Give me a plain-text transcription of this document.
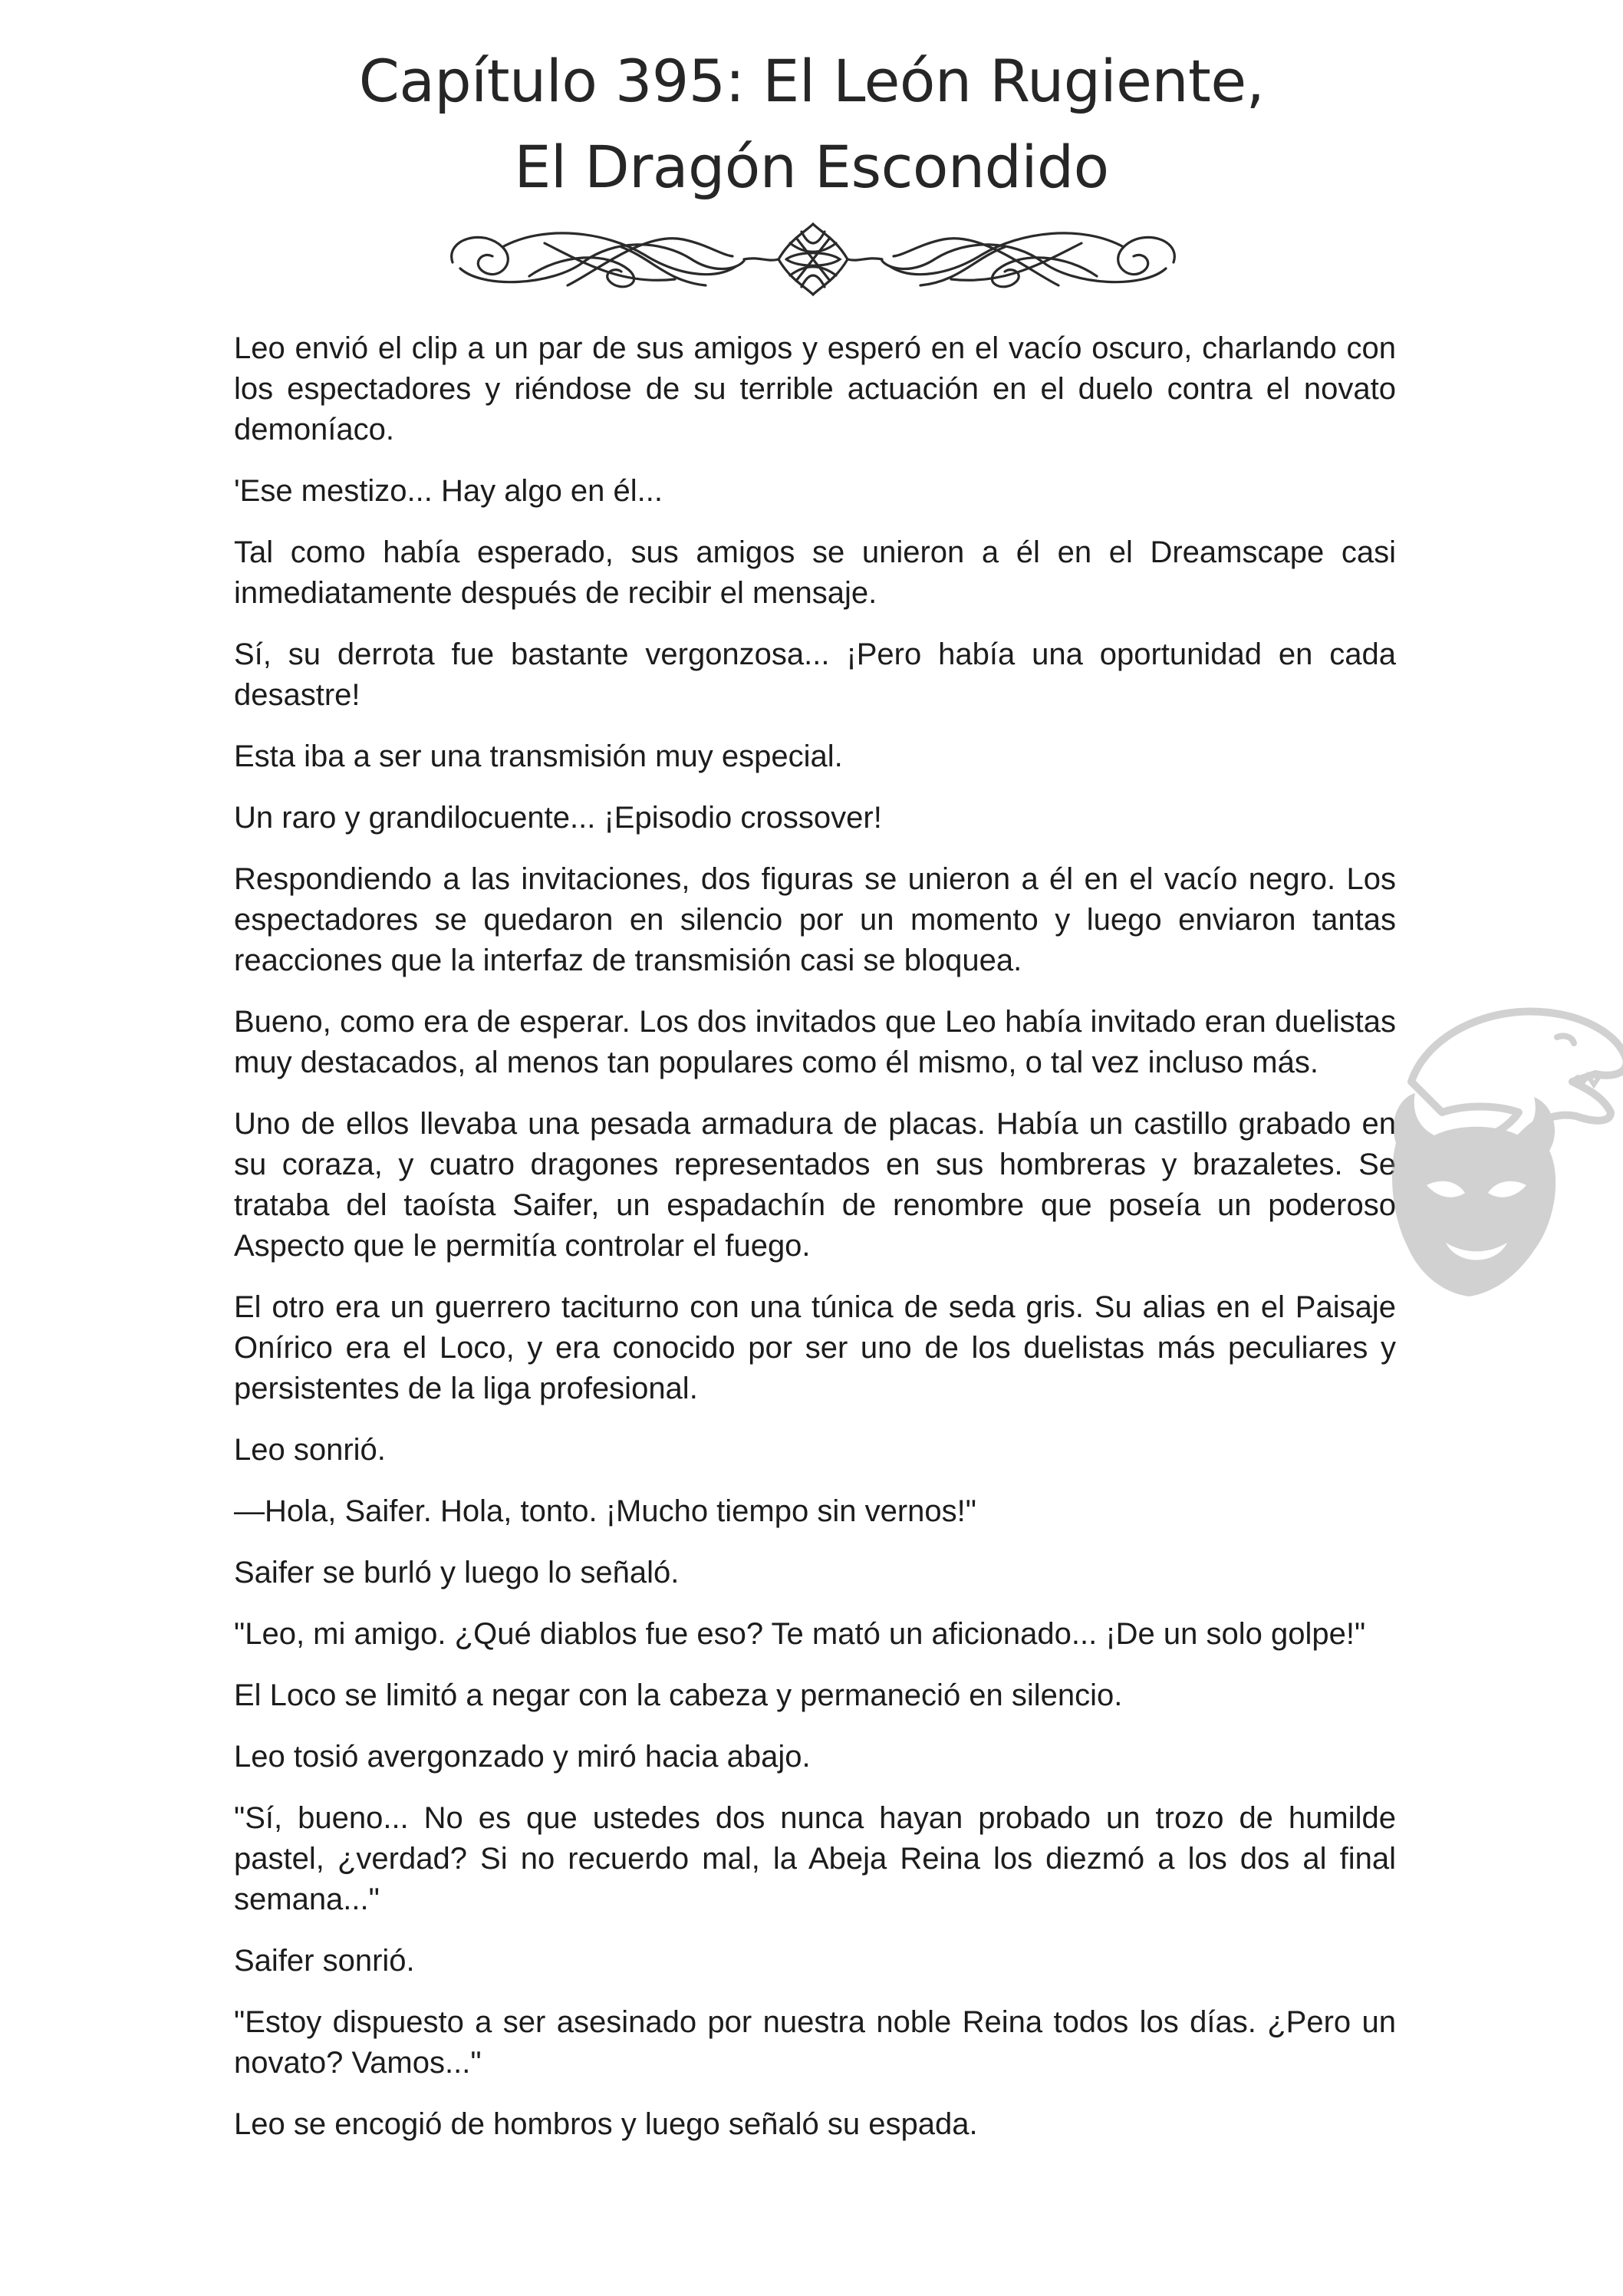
Capítulo 395: El León Rugiente,
El Dragón Escondido

Leo envió el clip a un par de sus amigos y esperó en el vacío oscuro, charlando con los espectadores y riéndose de su terrible actuación en el duelo contra el novato demoníaco.

'Ese mestizo... Hay algo en él...

Tal como había esperado, sus amigos se unieron a él en el Dreamscape casi inmediatamente después de recibir el mensaje.

Sí, su derrota fue bastante vergonzosa... ¡Pero había una oportunidad en cada desastre!

Esta iba a ser una transmisión muy especial.

Un raro y grandilocuente... ¡Episodio crossover!

Respondiendo a las invitaciones, dos figuras se unieron a él en el vacío negro. Los espectadores se quedaron en silencio por un momento y luego enviaron tantas reacciones que la interfaz de transmisión casi se bloquea.

Bueno, como era de esperar. Los dos invitados que Leo había invitado eran duelistas muy destacados, al menos tan populares como él mismo, o tal vez incluso más.

Uno de ellos llevaba una pesada armadura de placas. Había un castillo grabado en su coraza, y cuatro dragones representados en sus hombreras y brazaletes. Se trataba del taoísta Saifer, un espadachín de renombre que poseía un poderoso Aspecto que le permitía controlar el fuego.

El otro era un guerrero taciturno con una túnica de seda gris. Su alias en el Paisaje Onírico era el Loco, y era conocido por ser uno de los duelistas más peculiares y persistentes de la liga profesional.

Leo sonrió.

—Hola, Saifer. Hola, tonto. ¡Mucho tiempo sin vernos!"

Saifer se burló y luego lo señaló.

"Leo, mi amigo. ¿Qué diablos fue eso? Te mató un aficionado... ¡De un solo golpe!"

El Loco se limitó a negar con la cabeza y permaneció en silencio.

Leo tosió avergonzado y miró hacia abajo.

"Sí, bueno... No es que ustedes dos nunca hayan probado un trozo de humilde pastel, ¿verdad? Si no recuerdo mal, la Abeja Reina los diezmó a los dos al final semana..."

Saifer sonrió.

"Estoy dispuesto a ser asesinado por nuestra noble Reina todos los días. ¿Pero un novato? Vamos..."

Leo se encogió de hombros y luego señaló su espada.
